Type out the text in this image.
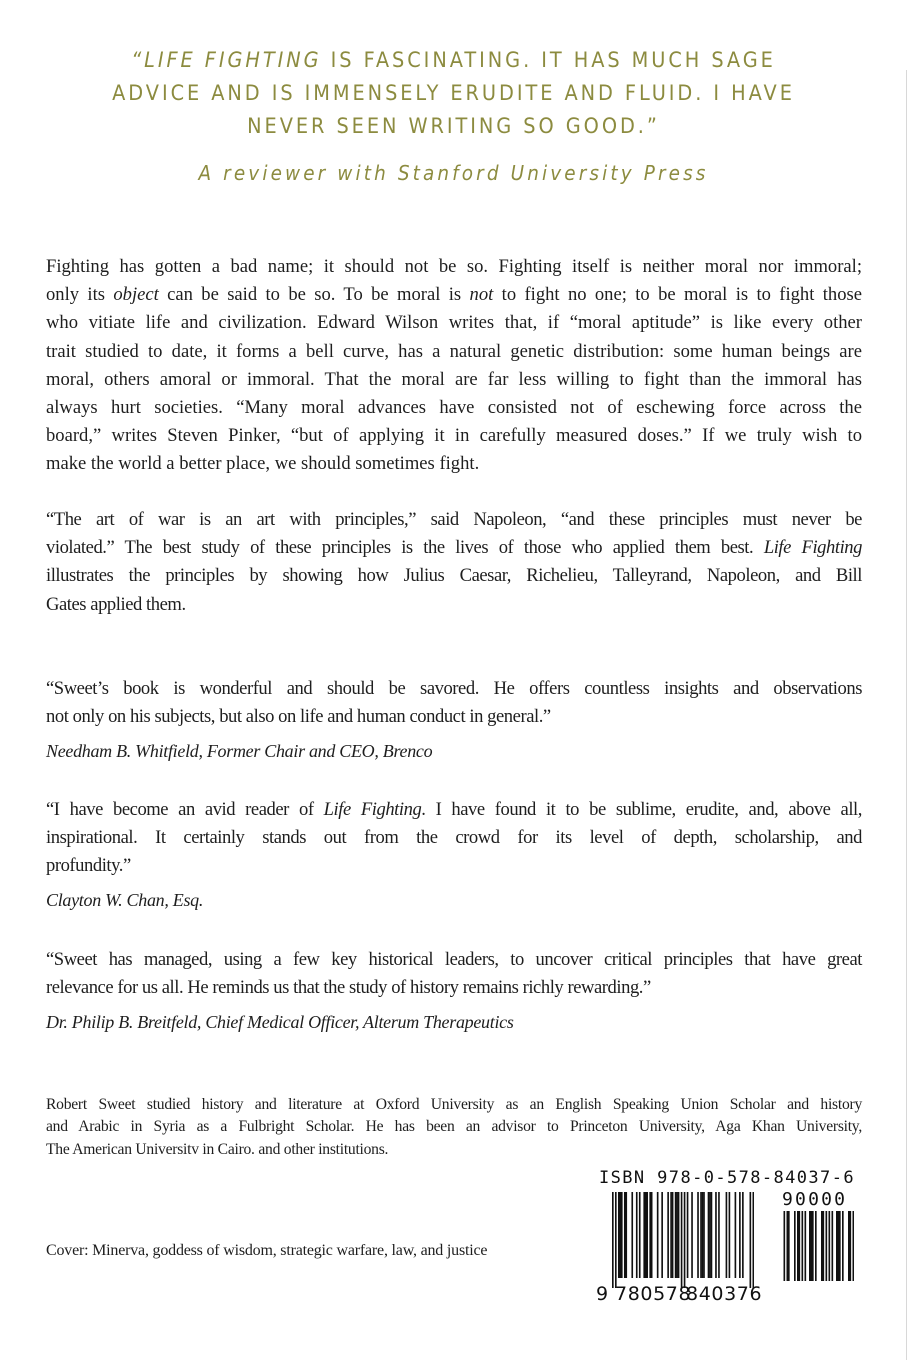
“LIFE FIGHTING IS FASCINATING. IT HAS MUCH SAGE
ADVICE AND IS IMMENSELY ERUDITE AND FLUID. I HAVE
NEVER SEEN WRITING SO GOOD.”
A reviewer with Stanford University Press
Fighting has gotten a bad name; it should not be so. Fighting itself is neither moral nor immoral;
only its object can be said to be so. To be moral is not to fight no one; to be moral is to fight those
who vitiate life and civilization. Edward Wilson writes that, if “moral aptitude” is like every other
trait studied to date, it forms a bell curve, has a natural genetic distribution: some human beings are
moral, others amoral or immoral. That the moral are far less willing to fight than the immoral has
always hurt societies. “Many moral advances have consisted not of eschewing force across the
board,” writes Steven Pinker, “but of applying it in carefully measured doses.” If we truly wish to
make the world a better place, we should sometimes fight.
“The art of war is an art with principles,” said Napoleon, “and these principles must never be
violated.” The best study of these principles is the lives of those who applied them best. Life Fighting
illustrates the principles by showing how Julius Caesar, Richelieu, Talleyrand, Napoleon, and Bill
Gates applied them.
“Sweet’s book is wonderful and should be savored. He offers countless insights and observations
not only on his subjects, but also on life and human conduct in general.”
Needham B. Whitfield, Former Chair and CEO, Brenco
“I have become an avid reader of Life Fighting. I have found it to be sublime, erudite, and, above all,
inspirational. It certainly stands out from the crowd for its level of depth, scholarship, and
profundity.”
Clayton W. Chan, Esq.
“Sweet has managed, using a few key historical leaders, to uncover critical principles that have great
relevance for us all. He reminds us that the study of history remains richly rewarding.”
Dr. Philip B. Breitfeld, Chief Medical Officer, Alterum Therapeutics
Robert Sweet studied history and literature at Oxford University as an English Speaking Union Scholar and history
and Arabic in Syria as a Fulbright Scholar. He has been an advisor to Princeton University, Aga Khan University,
The American Universitv in Cairo. and other institutions.
Cover: Minerva, goddess of wisdom, strategic warfare, law, and justice
ISBN 978-0-578-84037-6
90000
9 780578840376
